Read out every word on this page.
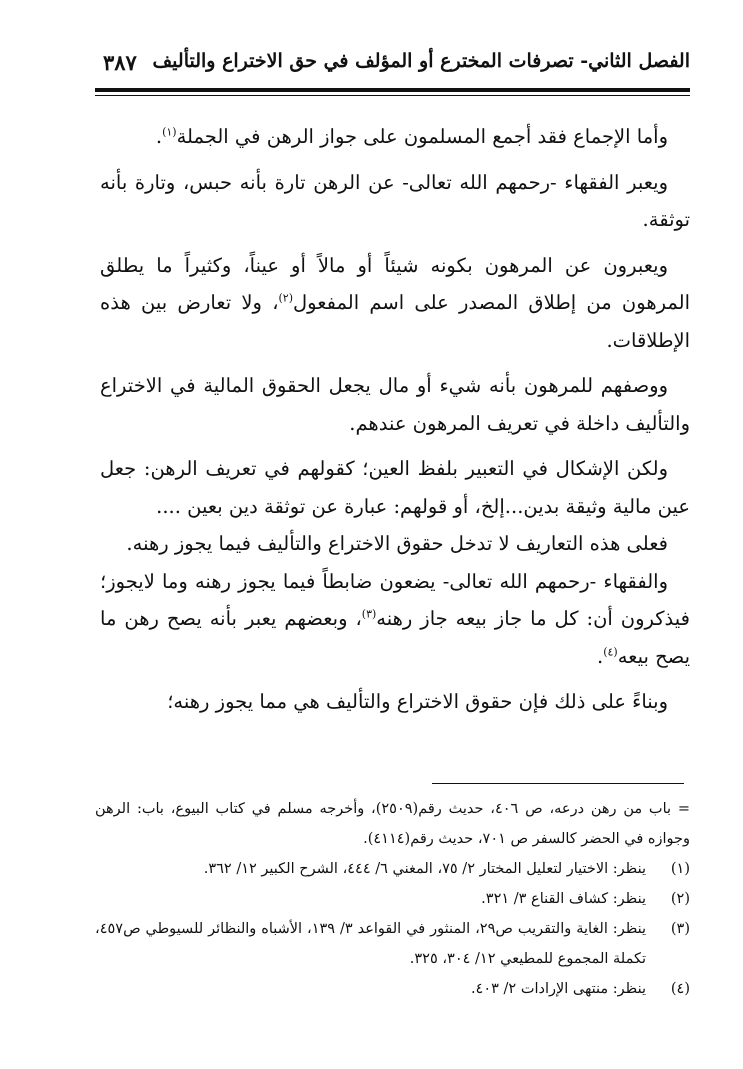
الفصل الثاني- تصرفات المخترع أو المؤلف في حق الاختراع والتأليف
٣٨٧

وأما الإجماع فقد أجمع المسلمون على جواز الرهن في الجملة$^{(١)}$.

ويعبر الفقهاء -رحمهم الله تعالى- عن الرهن تارة بأنه حبس، وتارة بأنه توثقة.

ويعبرون عن المرهون بكونه شيئاً أو مالاً أو عيناً، وكثيراً ما يطلق المرهون من إطلاق المصدر على اسم المفعول$^{(٢)}$، ولا تعارض بين هذه الإطلاقات.

ووصفهم للمرهون بأنه شيء أو مال يجعل الحقوق المالية في الاختراع والتأليف داخلة في تعريف المرهون عندهم.

ولكن الإشكال في التعبير بلفظ العين؛ كقولهم في تعريف الرهن: جعل عين مالية وثيقة بدين...إلخ، أو قولهم: عبارة عن توثقة دين بعين ....

فعلى هذه التعاريف لا تدخل حقوق الاختراع والتأليف فيما يجوز رهنه.

والفقهاء -رحمهم الله تعالى- يضعون ضابطاً فيما يجوز رهنه وما لايجوز؛ فيذكرون أن: كل ما جاز بيعه جاز رهنه$^{(٣)}$، وبعضهم يعبر بأنه يصح رهن ما يصح بيعه$^{(٤)}$.

وبناءً على ذلك فإن حقوق الاختراع والتأليف هي مما يجوز رهنه؛

= باب من رهن درعه، ص ٤٠٦، حديث رقم(٢٥٠٩)، وأخرجه مسلم في كتاب البيوع، باب: الرهن وجوازه في الحضر كالسفر ص ٧٠١، حديث رقم(٤١١٤).

(١)
ينظر: الاختيار لتعليل المختار ٢/ ٧٥، المغني ٦/ ٤٤٤، الشرح الكبير ١٢/ ٣٦٢.
(٢)
ينظر: كشاف القناع ٣/ ٣٢١.
(٣)
ينظر: الغاية والتقريب ص٢٩، المنثور في القواعد ٣/ ١٣٩، الأشباه والنظائر للسيوطي ص٤٥٧، تكملة المجموع للمطيعي ١٢/ ٣٠٤، ٣٢٥.
(٤)
ينظر: منتهى الإرادات ٢/ ٤٠٣.
